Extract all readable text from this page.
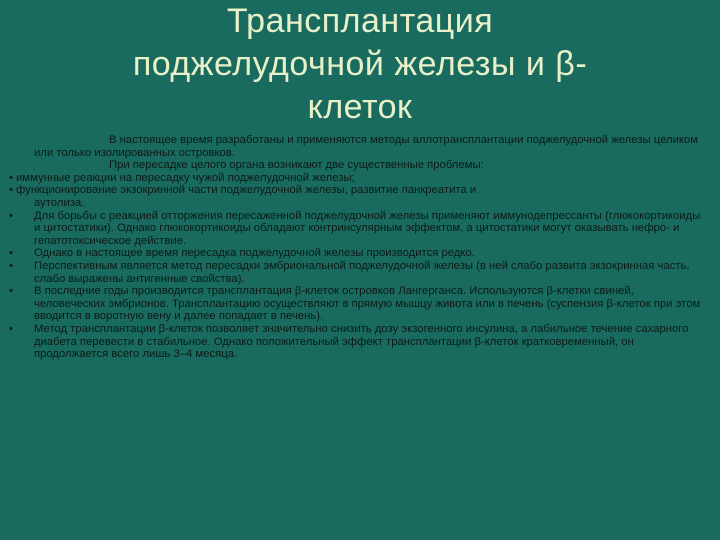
Трансплантация
поджелудочной железы и β-
клеток
В настоящее время разработаны и применяются методы аллотрансплантации поджелудочной железы целиком или только изолированных островков.
При пересадке целого органа возникают две существенные проблемы:
• иммунные реакции на пересадку чужой поджелудочной железы;
• функционирование экзокринной части поджелудочной железы, развитие панкреатита и
аутолиза.
• Для борьбы с реакцией отторжения пересаженной поджелудочной железы применяют иммунодепрессанты (глюкокортикоиды и цитостатики). Однако глюкокортикоиды обладают контринсулярным эффектом, а цитостатики могут оказывать нефро- и гепатотоксическое действие.
• Однако в настоящее время пересадка поджелудочной железы производится редко.
• Перспективным является метод пересадки эмбриональной поджелудочной железы (в ней слабо развита экзокринная часть, слабо выражены антигенные свойства).
• В последние годы производится трансплантация β-клеток островков Лангерганса. Используются β-клетки свиней, человеческих эмбрионов. Трансплантацию осуществляют в прямую мышцу живота или в печень (суспензия β-клеток при этом вводится в воротную вену и далее попадает в печень).
• Метод трансплантации β-клеток позволяет значительно снизить дозу экзогенного инсулина, а лабильное течение сахарного диабета перевести в стабильное. Однако положительный эффект трансплантации β-клеток кратковременный, он продолжается всего лишь 3–4 месяца.
